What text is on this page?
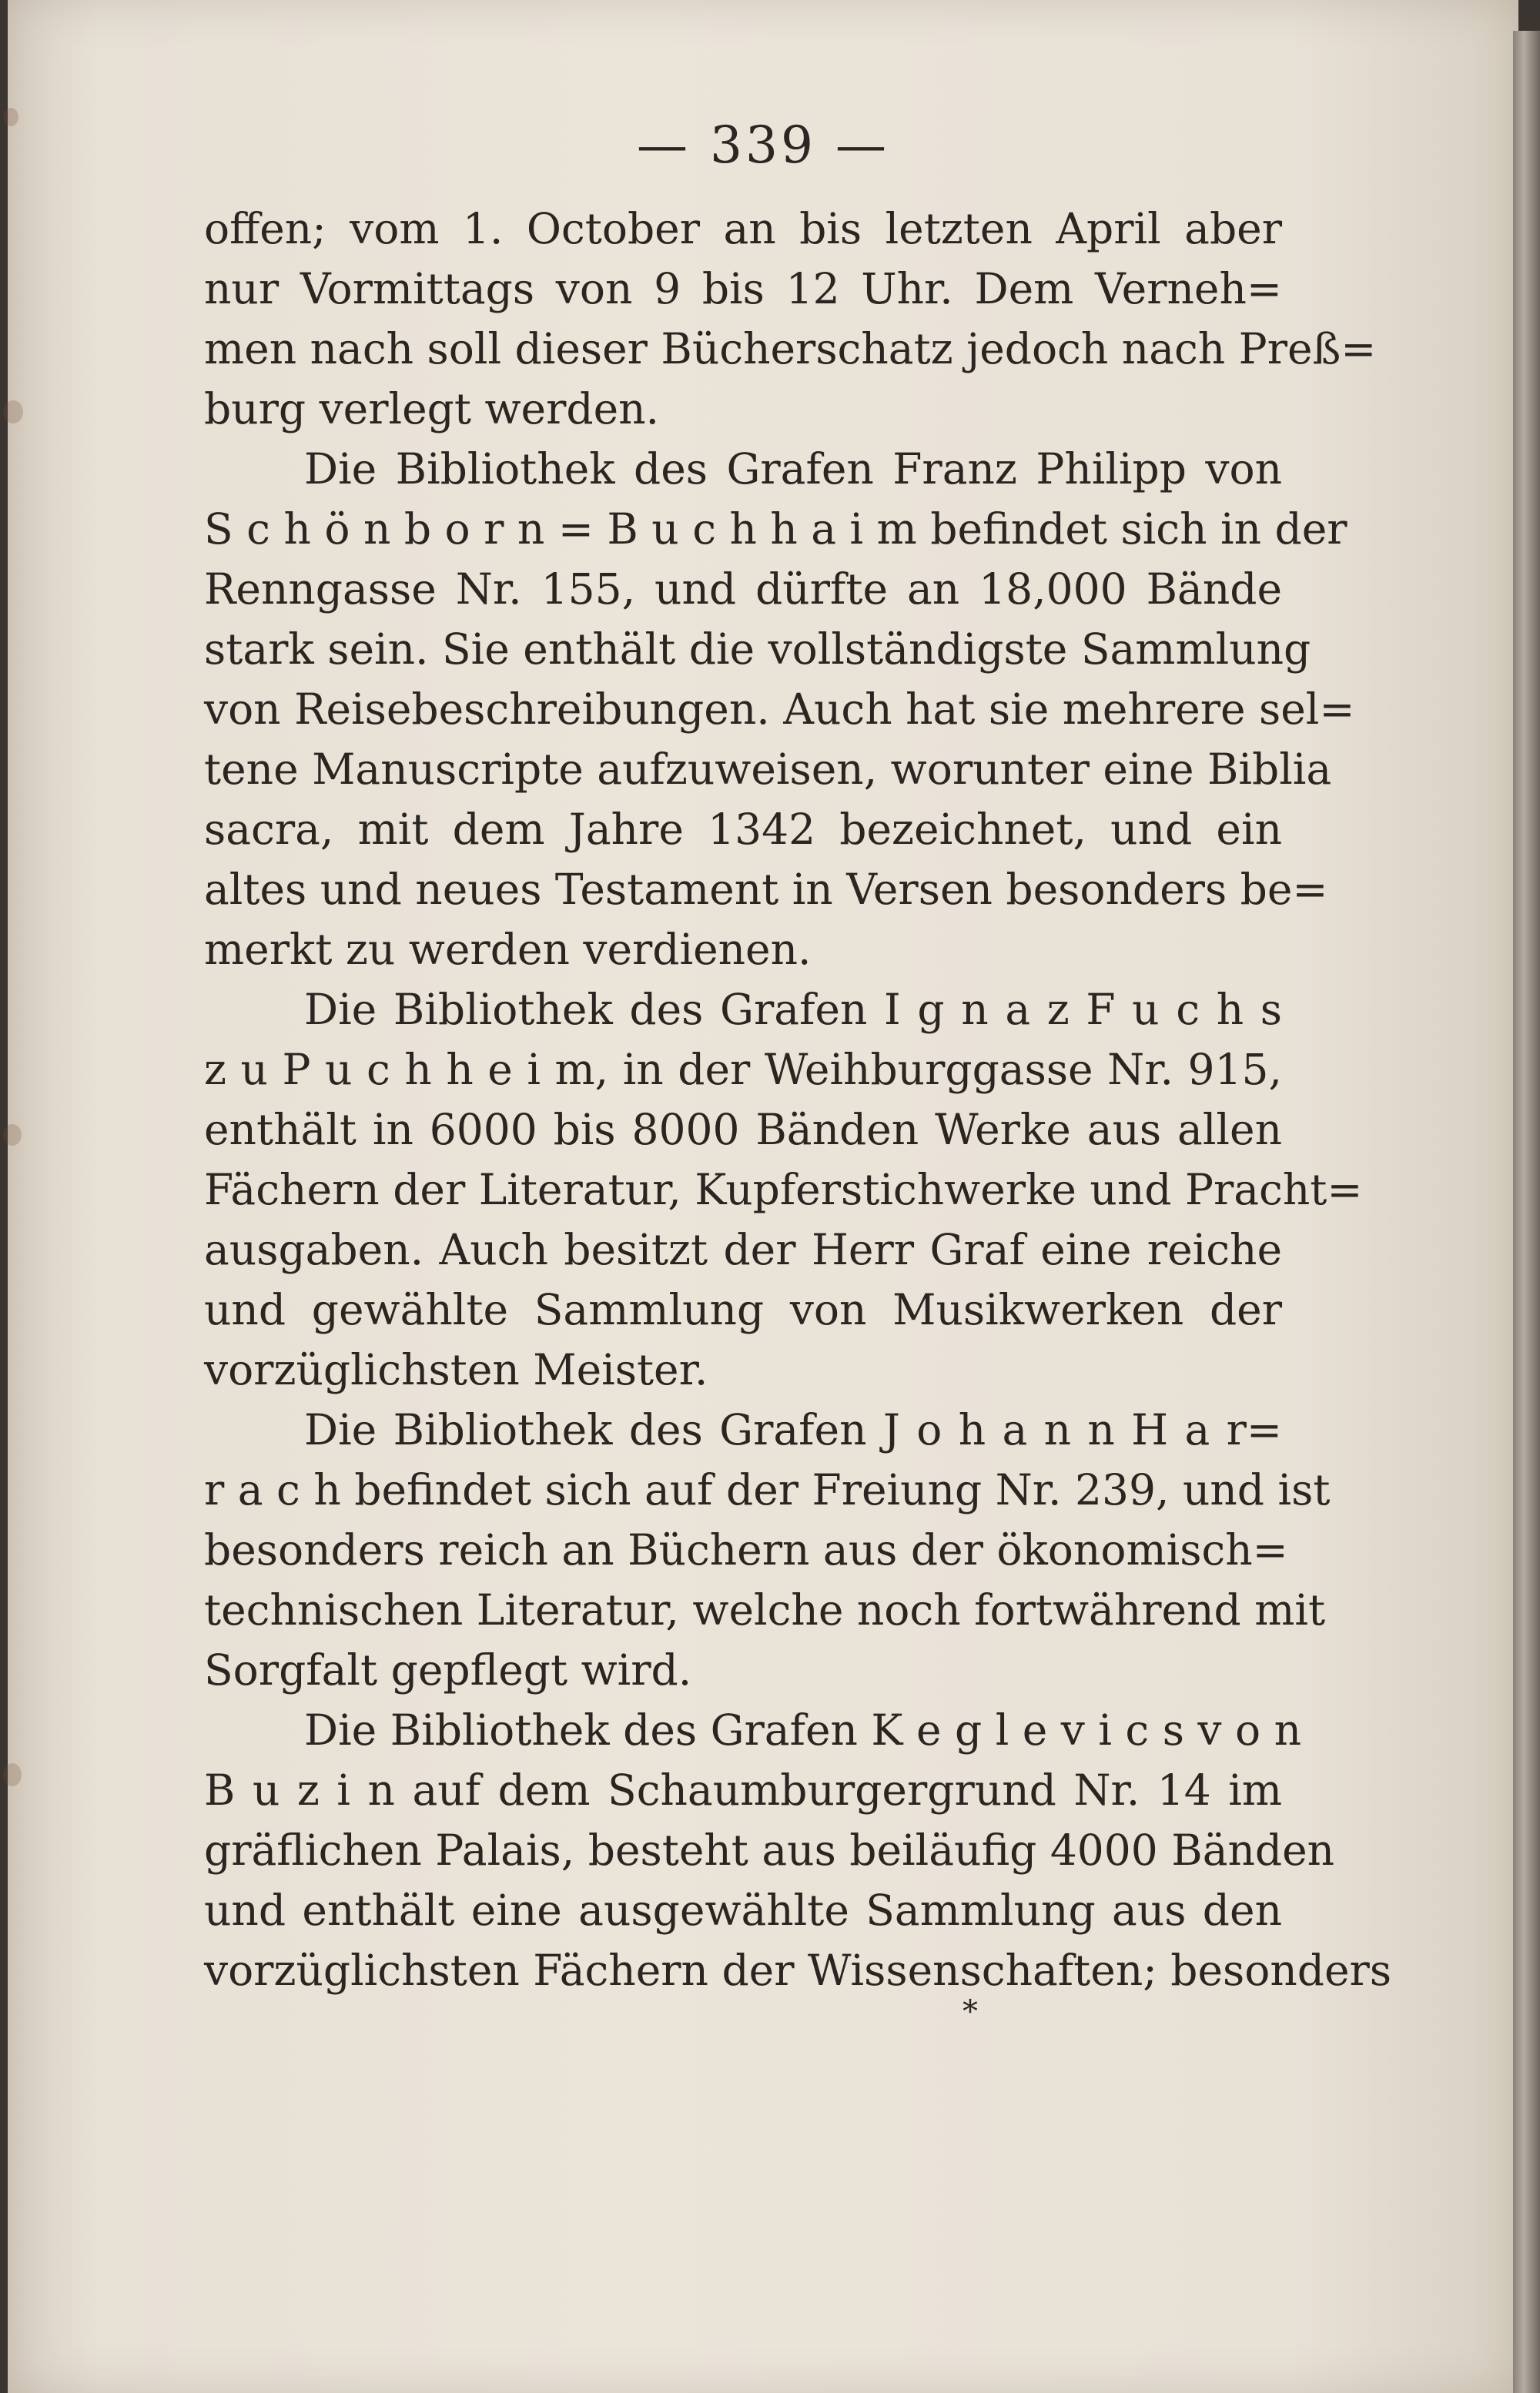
— 339 —
offen; vom 1. October an bis letzten April aber
nur Vormittags von 9 bis 12 Uhr. Dem Verneh=
men nach soll dieser Bücherschatz jedoch nach Preß=
burg verlegt werden.
Die Bibliothek des Grafen Franz Philipp von
S c h ö n b o r n = B u c h h a i m befindet sich in der
Renngasse Nr. 155, und dürfte an 18,000 Bände
stark sein. Sie enthält die vollständigste Sammlung
von Reisebeschreibungen. Auch hat sie mehrere sel=
tene Manuscripte aufzuweisen, worunter eine Biblia
sacra, mit dem Jahre 1342 bezeichnet, und ein
altes und neues Testament in Versen besonders be=
merkt zu werden verdienen.
Die Bibliothek des Grafen I g n a z F u c h s
z u P u c h h e i m, in der Weihburggasse Nr. 915,
enthält in 6000 bis 8000 Bänden Werke aus allen
Fächern der Literatur, Kupferstichwerke und Pracht=
ausgaben. Auch besitzt der Herr Graf eine reiche
und gewählte Sammlung von Musikwerken der
vorzüglichsten Meister.
Die Bibliothek des Grafen J o h a n n H a r=
r a c h befindet sich auf der Freiung Nr. 239, und ist
besonders reich an Büchern aus der ökonomisch=
technischen Literatur, welche noch fortwährend mit
Sorgfalt gepflegt wird.
Die Bibliothek des Grafen K e g l e v i c s v o n
B u z i n auf dem Schaumburgergrund Nr. 14 im
gräflichen Palais, besteht aus beiläufig 4000 Bänden
und enthält eine ausgewählte Sammlung aus den
vorzüglichsten Fächern der Wissenschaften; besonders
*
